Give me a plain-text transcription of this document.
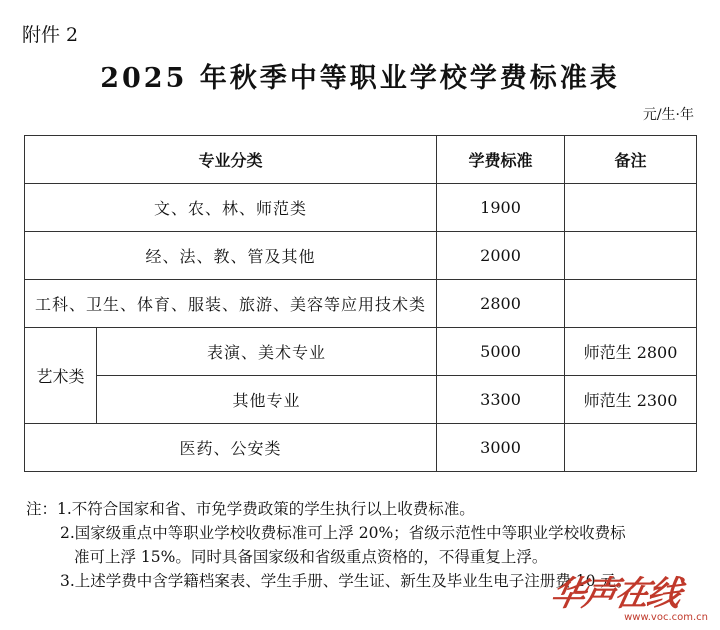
附件 2
2025 年秋季中等职业学校学费标准表
元/生·年
专业分类		学费标准	备注
文、农、林、师范类		1900	
经、法、教、管及其他		2000	
工科、卫生、体育、服装、旅游、美容等应用技术类		2800	
艺术类	表演、美术专业	5000	师范生 2800
	其他专业	3300	师范生 2300
医药、公安类		3000	
注：1.不符合国家和省、市免学费政策的学生执行以上收费标准。
2.国家级重点中等职业学校收费标准可上浮 20%；省级示范性中等职业学校收费标
准可上浮 15%。同时具备国家级和省级重点资格的，不得重复上浮。
3.上述学费中含学籍档案表、学生手册、学生证、新生及毕业生电子注册费 10 元。
华声在线
www.voc.com.cn
